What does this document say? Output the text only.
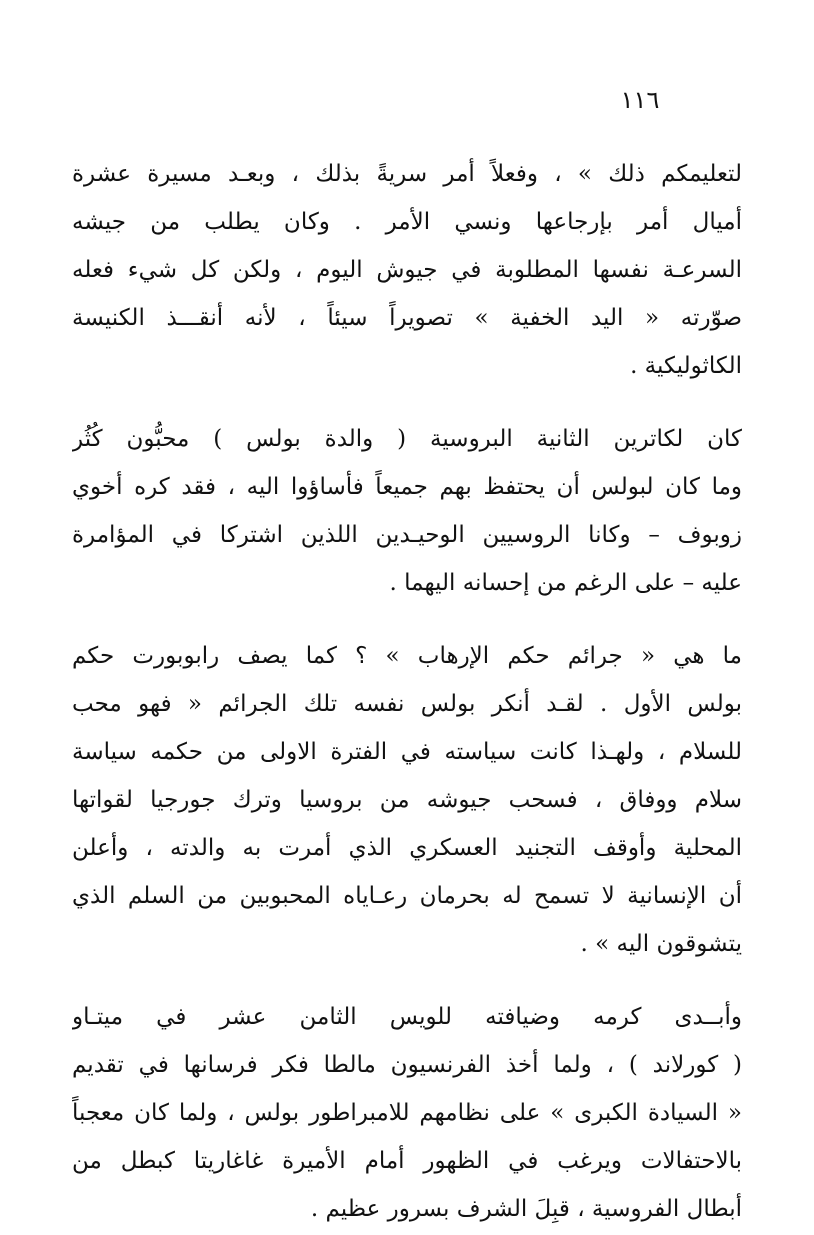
١١٦

لتعليمكم ذلك » ، وفعلاً أمر سريةً بذلك ، وبعـد مسيرة عشرة
أميال أمر بإرجاعها ونسي الأمر . وكان يطلب من جيشه
السرعـة نفسها المطلوبة في جيوش اليوم ، ولكن كل شيء فعله
صوّرته « اليد الخفية » تصويراً سيئاً ، لأنه أنقـــذ الكنيسة
الكاثوليكية .

كان لكاترين الثانية البروسية ( والدة بولس ) محبُّون كُثُر
وما كان لبولس أن يحتفظ بهم جميعاً فأساؤوا اليه ، فقد كره أخوي
زوبوف – وكانا الروسيين الوحيـدين اللذين اشتركا في المؤامرة
عليه – على الرغم من إحسانه اليهما .

ما هي « جرائم حكم الإرهاب » ؟ كما يصف رابوبورت حكم
بولس الأول . لقـد أنكر بولس نفسه تلك الجرائم « فهو محب
للسلام ، ولهـذا كانت سياسته في الفترة الاولى من حكمه سياسة
سلام ووفاق ، فسحب جيوشه من بروسيا وترك جورجيا لقواتها
المحلية وأوقف التجنيد العسكري الذي أمرت به والدته ، وأعلن
أن الإنسانية لا تسمح له بحرمان رعـاياه المحبوبين من السلم الذي
يتشوقون اليه » .

وأبــدى كرمه وضيافته للويس الثامن عشر في ميتـاو
( كورلاند ) ، ولما أخذ الفرنسيون مالطا فكر فرسانها في تقديم
« السيادة الكبرى » على نظامهم للامبراطور بولس ، ولما كان معجباً
بالاحتفالات ويرغب في الظهور أمام الأميرة غاغاريتا كبطل من
أبطال الفروسية ، قبِلَ الشرف بسرور عظيم .
